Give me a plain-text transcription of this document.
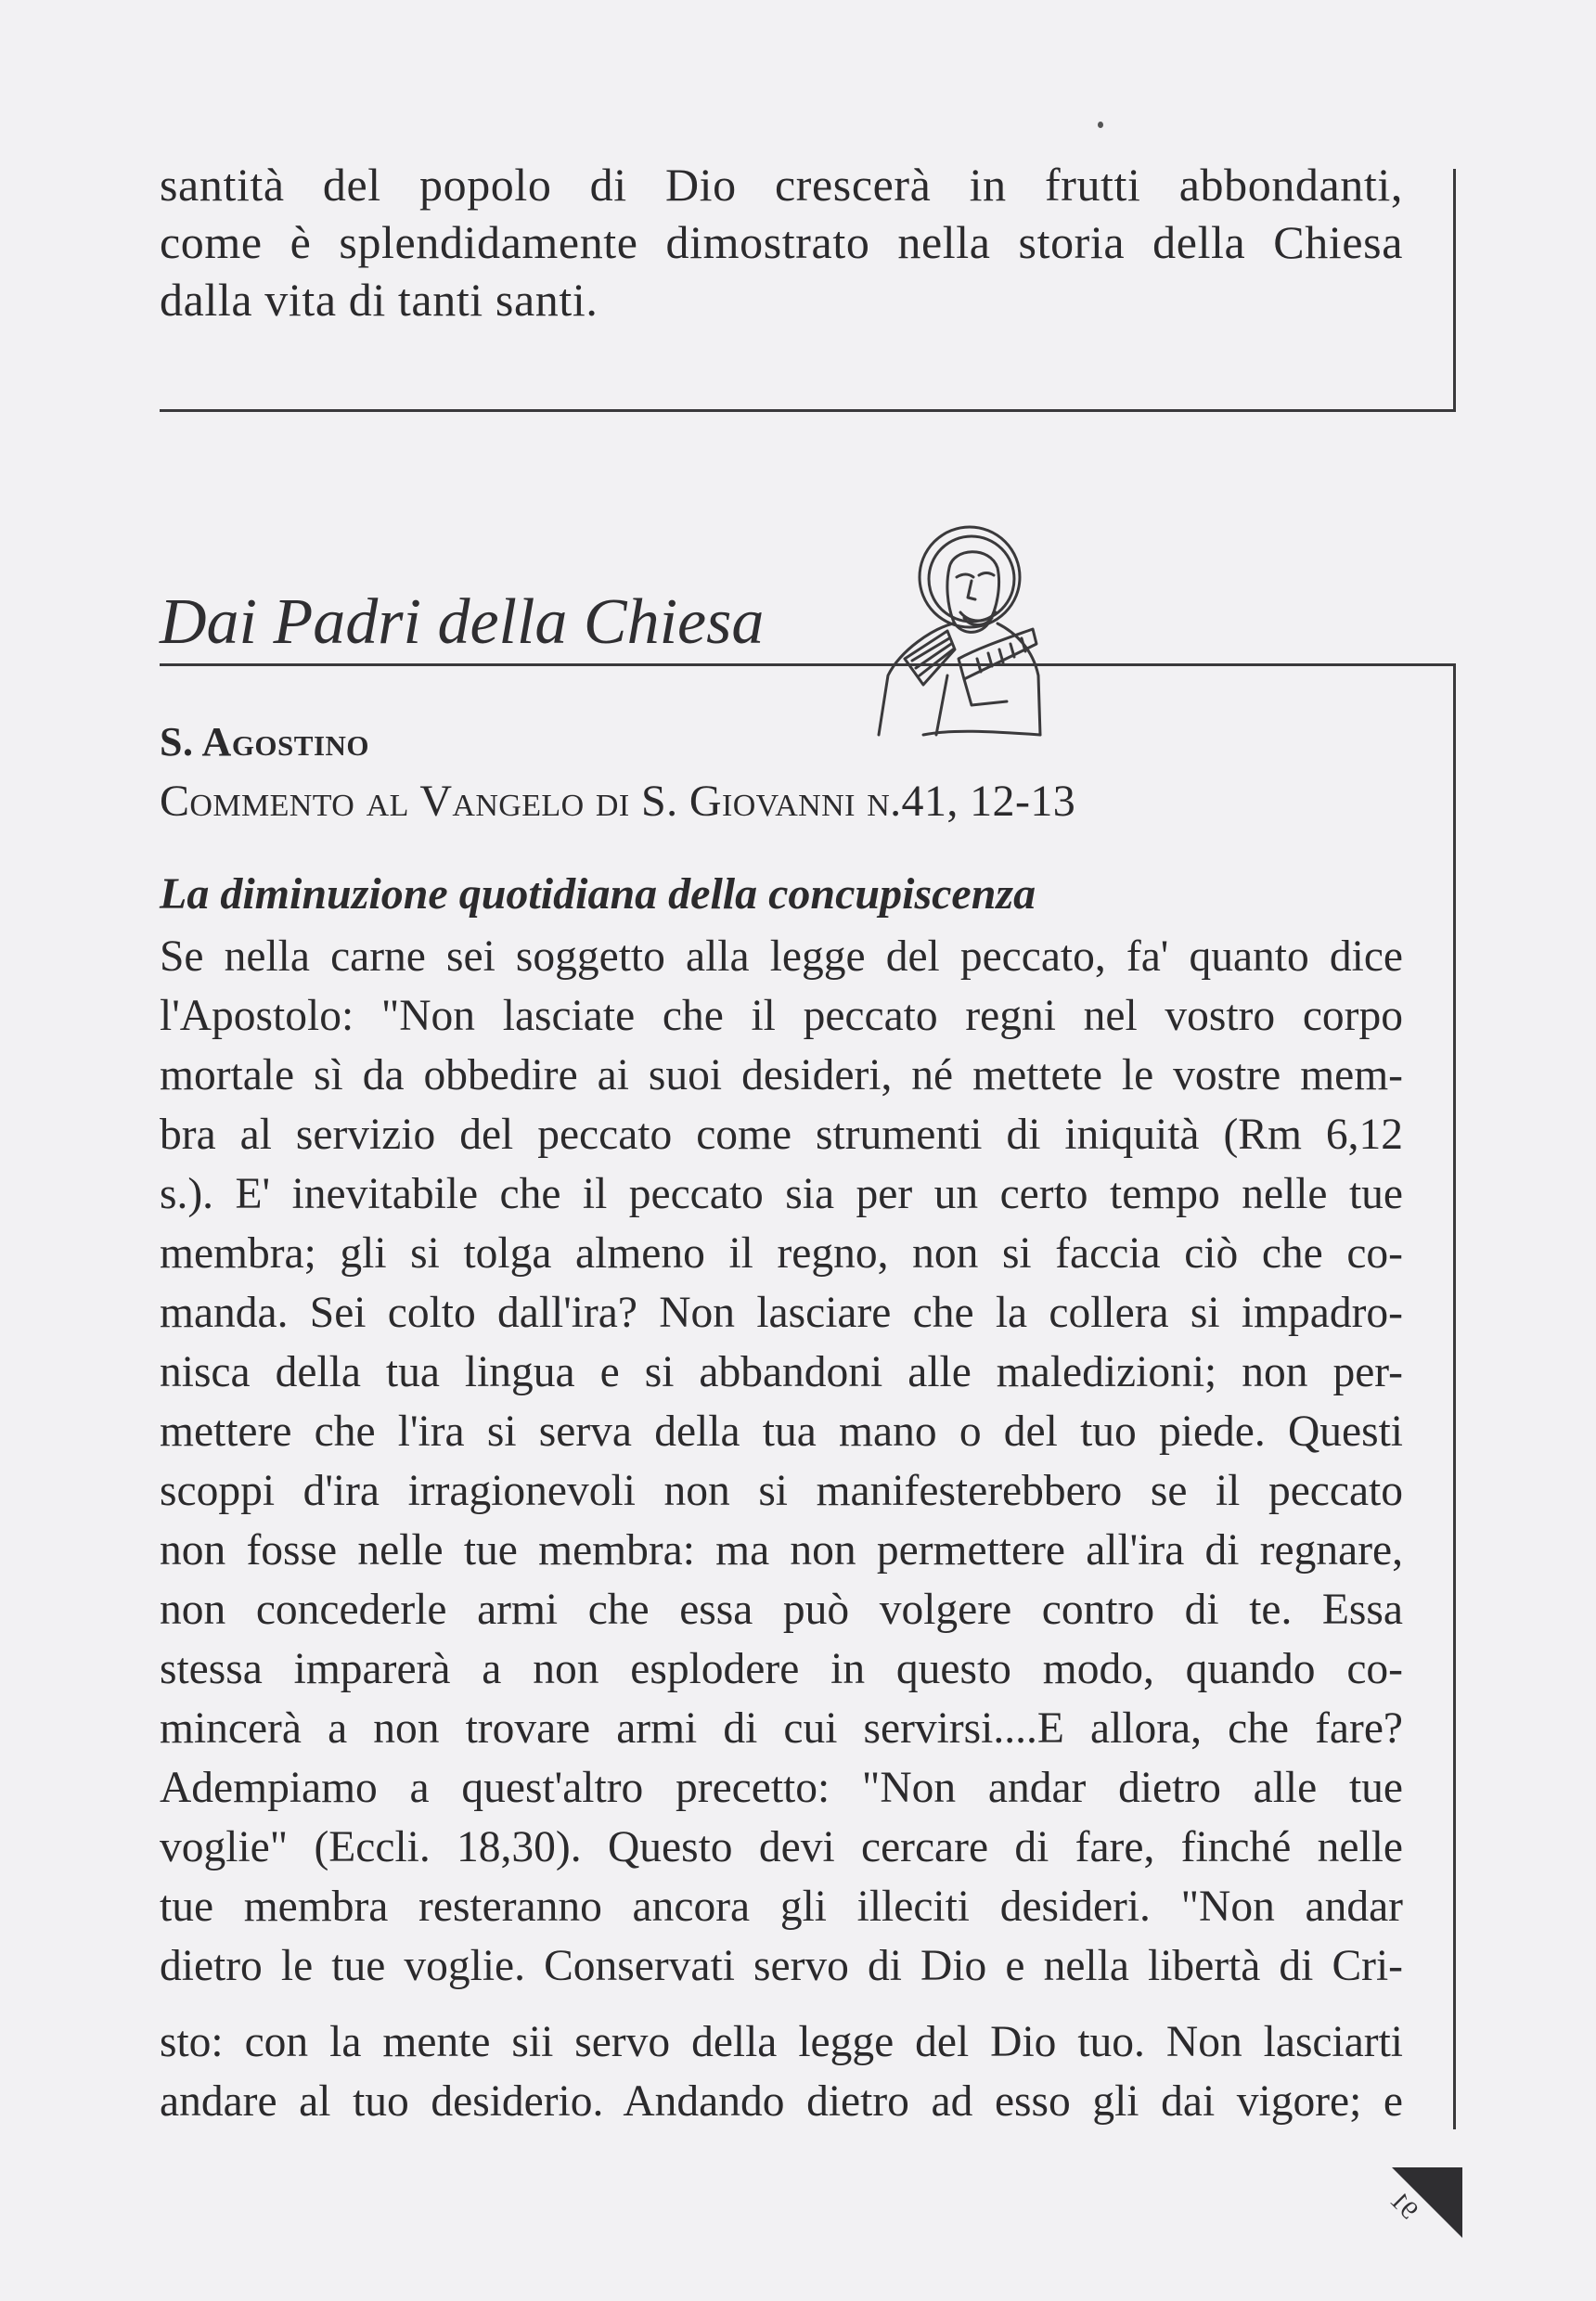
santità del popolo di Dio crescerà in frutti abbondanti,
come è splendidamente dimostrato nella storia della Chiesa
dalla vita di tanti santi.
Dai Padri della Chiesa
S. Agostino
Commento al Vangelo di S. Giovanni n.41, 12-13
La diminuzione quotidiana della concupiscenza
Se nella carne sei soggetto alla legge del peccato, fa' quanto dice
l'Apostolo: "Non lasciate che il peccato regni nel vostro corpo
mortale sì da obbedire ai suoi desideri, né mettete le vostre mem-
bra al servizio del peccato come strumenti di iniquità (Rm 6,12
s.). E' inevitabile che il peccato sia per un certo tempo nelle tue
membra; gli si tolga almeno il regno, non si faccia ciò che co-
manda. Sei colto dall'ira? Non lasciare che la collera si impadro-
nisca della tua lingua e si abbandoni alle maledizioni; non per-
mettere che l'ira si serva della tua mano o del tuo piede. Questi
scoppi d'ira irragionevoli non si manifesterebbero se il peccato
non fosse nelle tue membra: ma non permettere all'ira di regnare,
non concederle armi che essa può volgere contro di te. Essa
stessa imparerà a non esplodere in questo modo, quando co-
mincerà a non trovare armi di cui servirsi....E allora, che fare?
Adempiamo a quest'altro precetto: "Non andar dietro alle tue
voglie" (Eccli. 18,30). Questo devi cercare di fare, finché nelle
tue membra resteranno ancora gli illeciti desideri. "Non andar
dietro le tue voglie. Conservati servo di Dio e nella libertà di Cri-
sto: con la mente sii servo della legge del Dio tuo. Non lasciarti
andare al tuo desiderio. Andando dietro ad esso gli dai vigore; e
91
